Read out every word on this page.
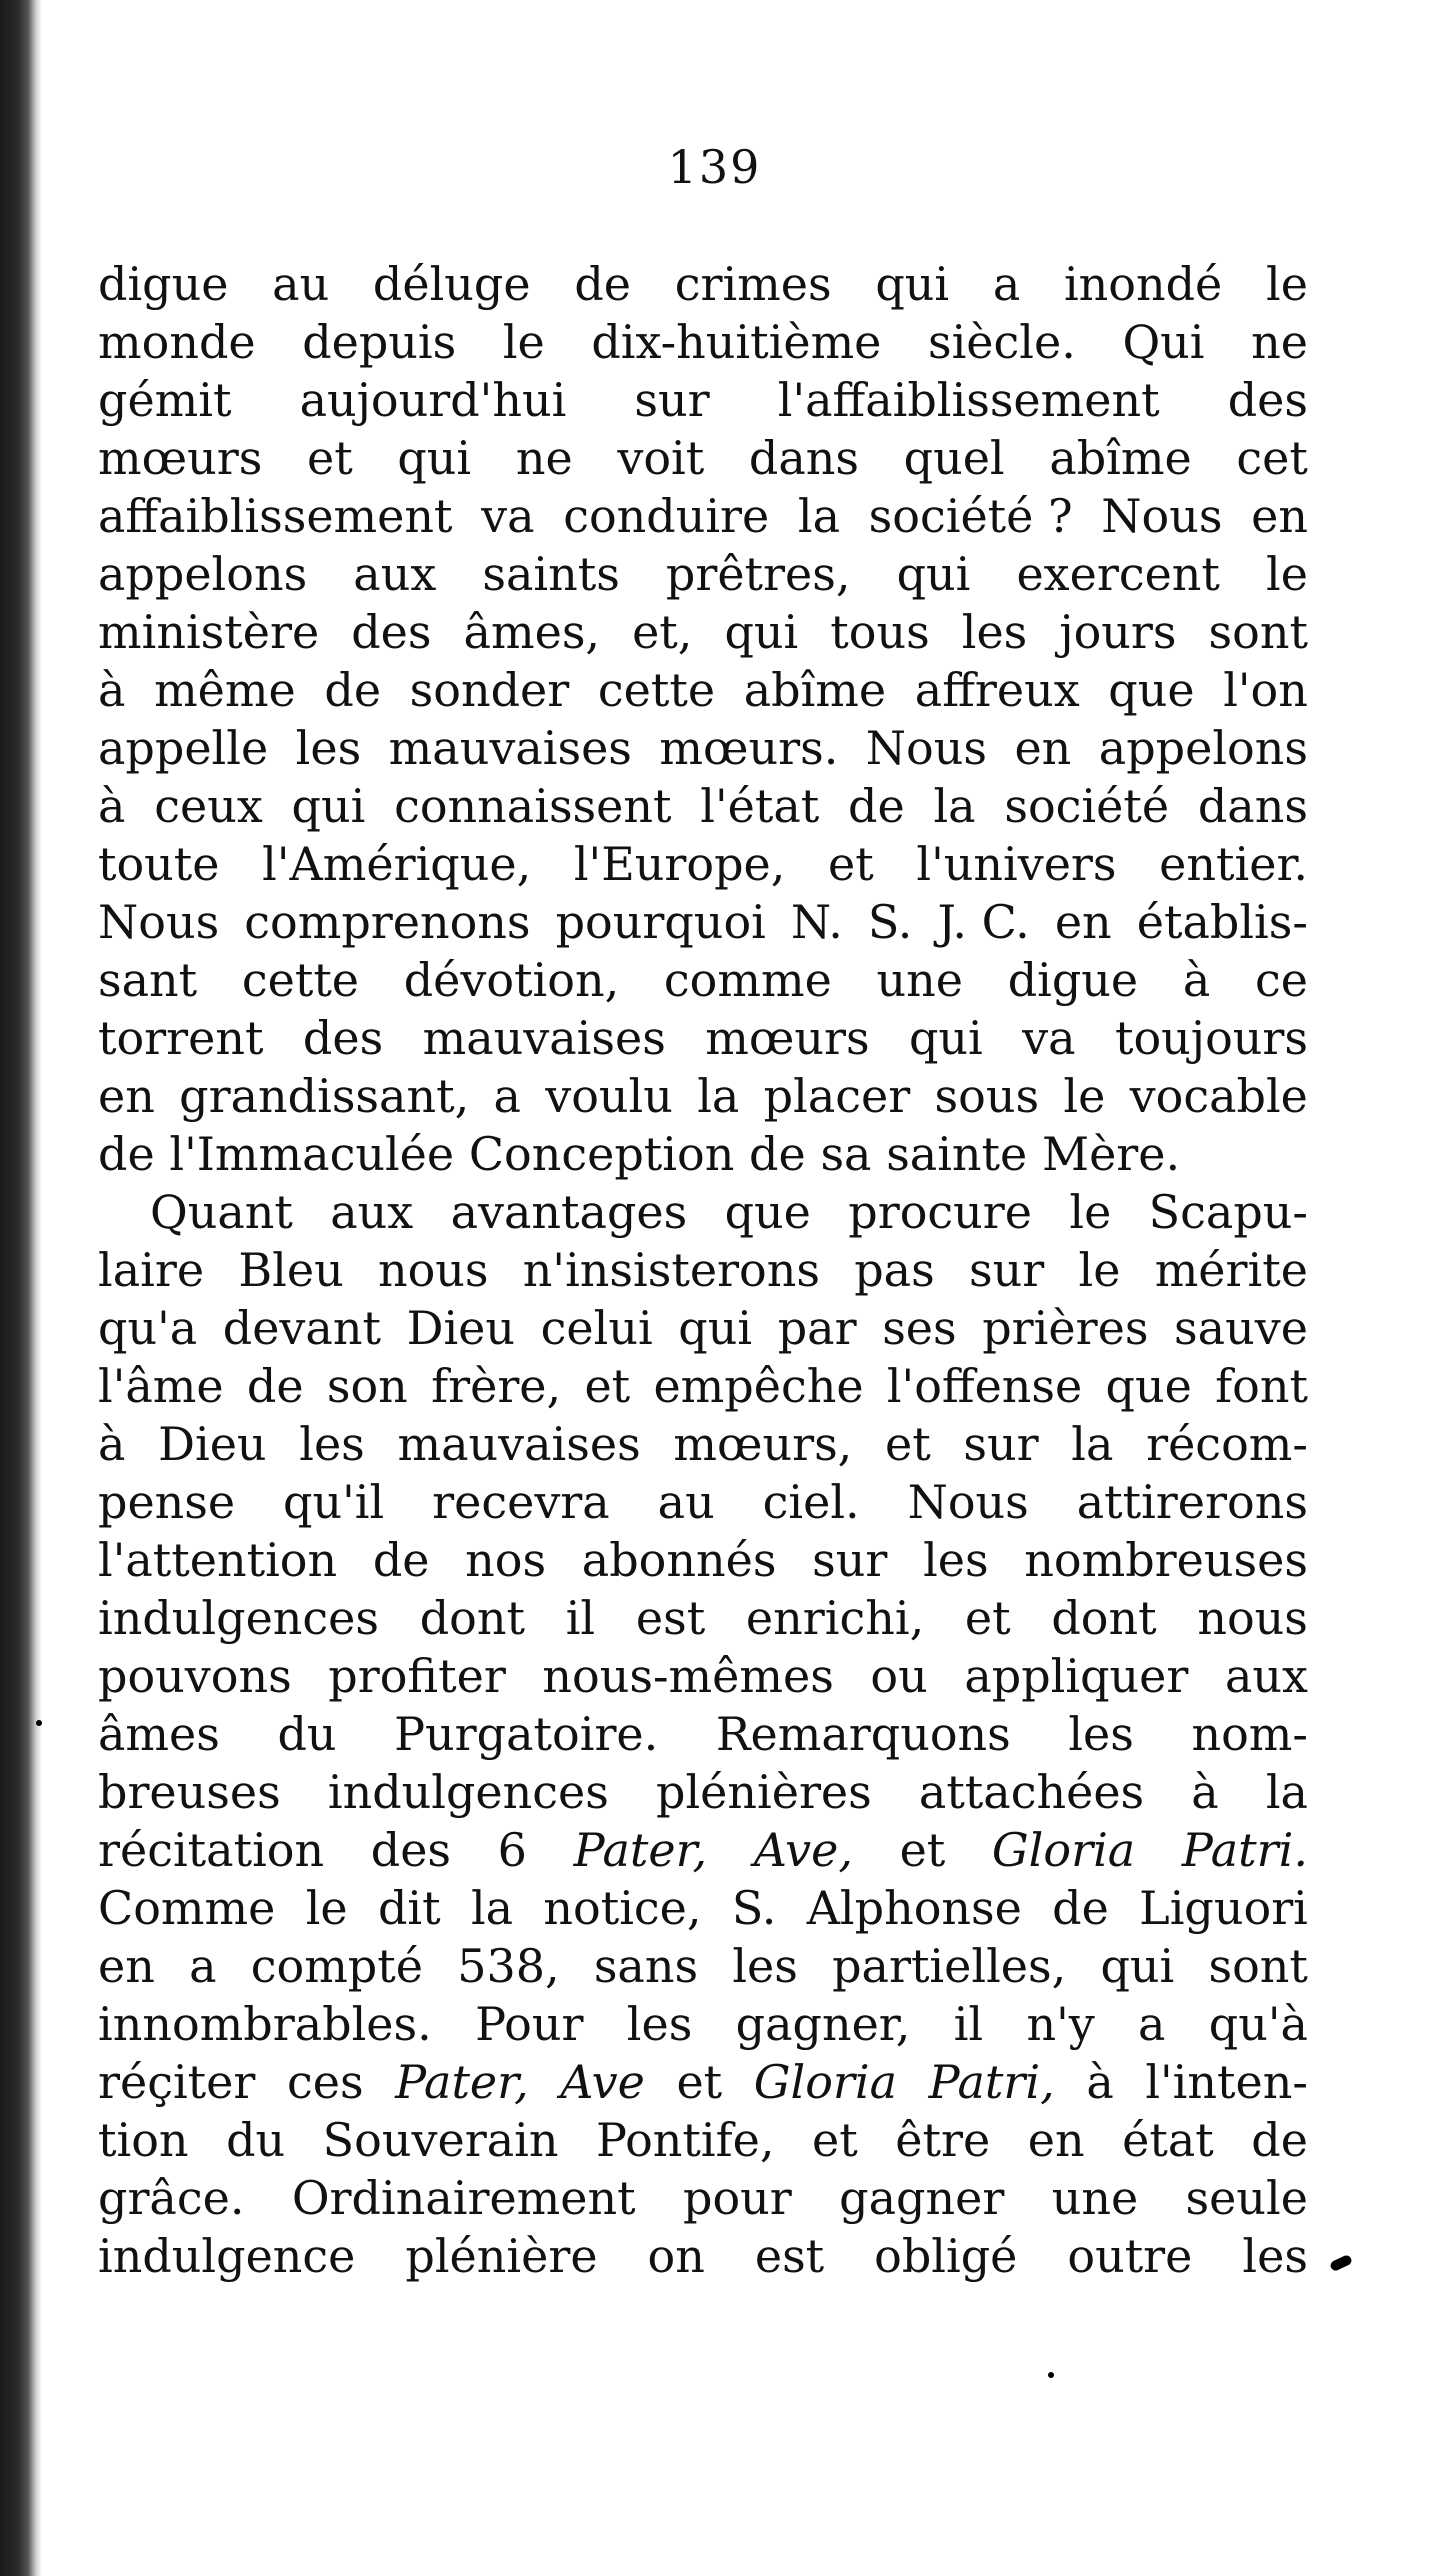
139
digue au déluge de crimes qui a inondé le
monde depuis le dix-huitième siècle. Qui ne
gémit aujourd'hui sur l'affaiblissement des
mœurs et qui ne voit dans quel abîme cet
affaiblissement va conduire la société ? Nous en
appelons aux saints prêtres, qui exercent le
ministère des âmes, et, qui tous les jours sont
à même de sonder cette abîme affreux que l'on
appelle les mauvaises mœurs. Nous en appelons
à ceux qui connaissent l'état de la société dans
toute l'Amérique, l'Europe, et l'univers entier.
Nous comprenons pourquoi N. S. J. C. en établis-
sant cette dévotion, comme une digue à ce
torrent des mauvaises mœurs qui va toujours
en grandissant, a voulu la placer sous le vocable
de l'Immaculée Conception de sa sainte Mère.
Quant aux avantages que procure le Scapu-
laire Bleu nous n'insisterons pas sur le mérite
qu'a devant Dieu celui qui par ses prières sauve
l'âme de son frère, et empêche l'offense que font
à Dieu les mauvaises mœurs, et sur la récom-
pense qu'il recevra au ciel. Nous attirerons
l'attention de nos abonnés sur les nombreuses
indulgences dont il est enrichi, et dont nous
pouvons profiter nous-mêmes ou appliquer aux
âmes du Purgatoire. Remarquons les nom-
breuses indulgences plénières attachées à la
récitation des 6 Pater, Ave, et Gloria Patri.
Comme le dit la notice, S. Alphonse de Liguori
en a compté 538, sans les partielles, qui sont
innombrables. Pour les gagner, il n'y a qu'à
réçiter ces Pater, Ave et Gloria Patri, à l'inten-
tion du Souverain Pontife, et être en état de
grâce. Ordinairement pour gagner une seule
indulgence plénière on est obligé outre les
